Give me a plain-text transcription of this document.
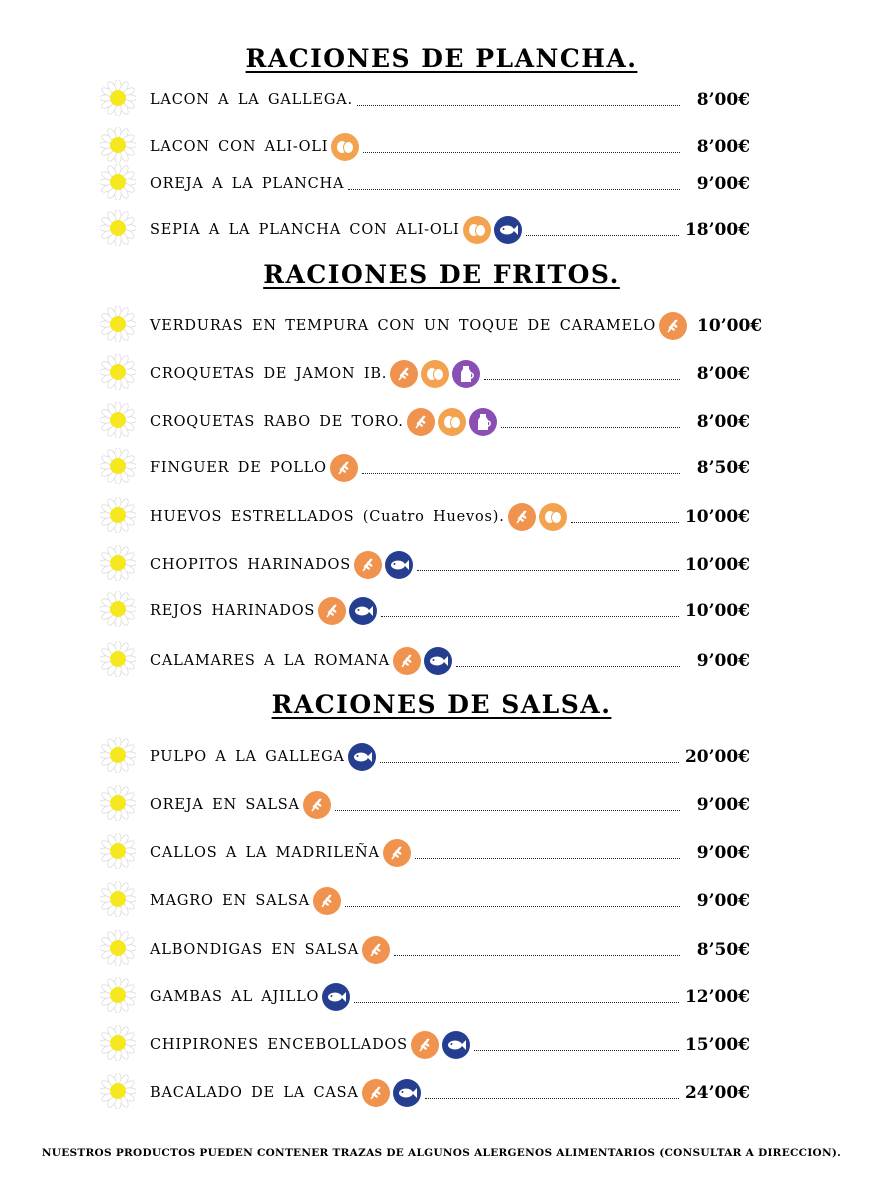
RACIONES DE PLANCHA.
RACIONES DE FRITOS.
RACIONES DE SALSA.
LACON A LA GALLEGA.	8’00€
LACON CON ALI-OLI	8’00€
OREJA A LA PLANCHA	9’00€
SEPIA A LA PLANCHA CON ALI-OLI	18’00€
VERDURAS EN TEMPURA CON UN TOQUE DE CARAMELO 10’00€
CROQUETAS DE JAMON IB.	8’00€
CROQUETAS RABO DE TORO.	8’00€
FINGUER DE POLLO	8’50€
HUEVOS ESTRELLADOS (Cuatro Huevos).	10’00€
CHOPITOS HARINADOS	10’00€
REJOS HARINADOS	10’00€
CALAMARES A LA ROMANA	9’00€
PULPO A LA GALLEGA	20’00€
OREJA EN SALSA	9’00€
CALLOS A LA MADRILEÑA	9’00€
MAGRO EN SALSA	9’00€
ALBONDIGAS EN SALSA	8’50€
GAMBAS AL AJILLO	12’00€
CHIPIRONES ENCEBOLLADOS	15’00€
BACALADO DE LA CASA	24’00€
NUESTROS PRODUCTOS PUEDEN CONTENER TRAZAS DE ALGUNOS ALERGENOS ALIMENTARIOS (CONSULTAR A DIRECCION).
